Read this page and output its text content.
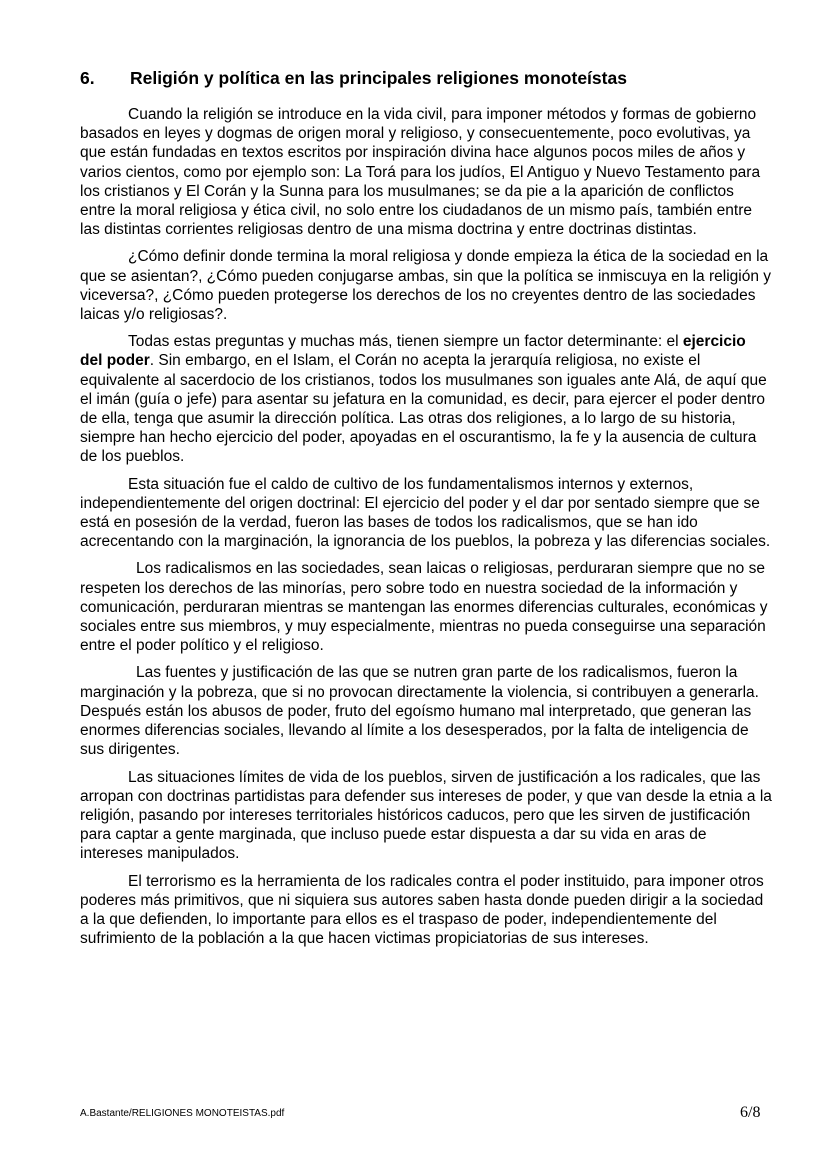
6. Religión y política en las principales religiones monoteístas

Cuando la religión se introduce en la vida civil, para imponer métodos y formas de gobierno basados en leyes y dogmas de origen moral y religioso, y consecuentemente, poco evolutivas, ya que están fundadas en textos escritos por inspiración divina hace algunos pocos miles de años y varios cientos, como por ejemplo son: La Torá para los judíos, El Antiguo y Nuevo Testamento para los cristianos y El Corán y la Sunna para los musulmanes; se da pie a la aparición de conflictos entre la moral religiosa y ética civil, no solo entre los ciudadanos de un mismo país, también entre las distintas corrientes religiosas dentro de una misma doctrina y entre doctrinas distintas.

¿Cómo definir donde termina la moral religiosa y donde empieza la ética de la sociedad en la que se asientan?, ¿Cómo pueden conjugarse ambas, sin que la política se inmiscuya en la religión y viceversa?, ¿Cómo pueden protegerse los derechos de los no creyentes dentro de las sociedades laicas y/o religiosas?.

Todas estas preguntas y muchas más, tienen siempre un factor determinante: el ejercicio del poder. Sin embargo, en el Islam, el Corán no acepta la jerarquía religiosa, no existe el equivalente al sacerdocio de los cristianos, todos los musulmanes son iguales ante Alá, de aquí que el imán (guía o jefe) para asentar su jefatura en la comunidad, es decir, para ejercer el poder dentro de ella, tenga que asumir la dirección política. Las otras dos religiones, a lo largo de su historia, siempre han hecho ejercicio del poder, apoyadas en el oscurantismo, la fe y la ausencia de cultura de los pueblos.

Esta situación fue el caldo de cultivo de los fundamentalismos internos y externos, independientemente del origen doctrinal: El ejercicio del poder y el dar por sentado siempre que se está en posesión de la verdad, fueron las bases de todos los radicalismos, que se han ido acrecentando con la marginación, la ignorancia de los pueblos, la pobreza y las diferencias sociales.

Los radicalismos en las sociedades, sean laicas o religiosas, perduraran siempre que no se respeten los derechos de las minorías, pero sobre todo en nuestra sociedad de la información y comunicación, perduraran mientras se mantengan las enormes diferencias culturales, económicas y sociales entre sus miembros, y muy especialmente, mientras no pueda conseguirse una separación entre el poder político y el religioso.

Las fuentes y justificación de las que se nutren gran parte de los radicalismos, fueron la marginación y la pobreza, que si no provocan directamente la violencia, si contribuyen a generarla. Después están los abusos de poder, fruto del egoísmo humano mal interpretado, que generan las enormes diferencias sociales, llevando al límite a los desesperados, por la falta de inteligencia de sus dirigentes.

Las situaciones límites de vida de los pueblos, sirven de justificación a los radicales, que las arropan con doctrinas partidistas para defender sus intereses de poder, y que van desde la etnia a la religión, pasando por intereses territoriales históricos caducos, pero que les sirven de justificación para captar a gente marginada, que incluso puede estar dispuesta a dar su vida en aras de intereses manipulados.

El terrorismo es la herramienta de los radicales contra el poder instituido, para imponer otros poderes más primitivos, que ni siquiera sus autores saben hasta donde pueden dirigir a la sociedad a la que defienden, lo importante para ellos es el traspaso de poder, independientemente del sufrimiento de la población a la que hacen victimas propiciatorias de sus intereses.

A.Bastante/RELIGIONES MONOTEISTAS.pdf	6/8
